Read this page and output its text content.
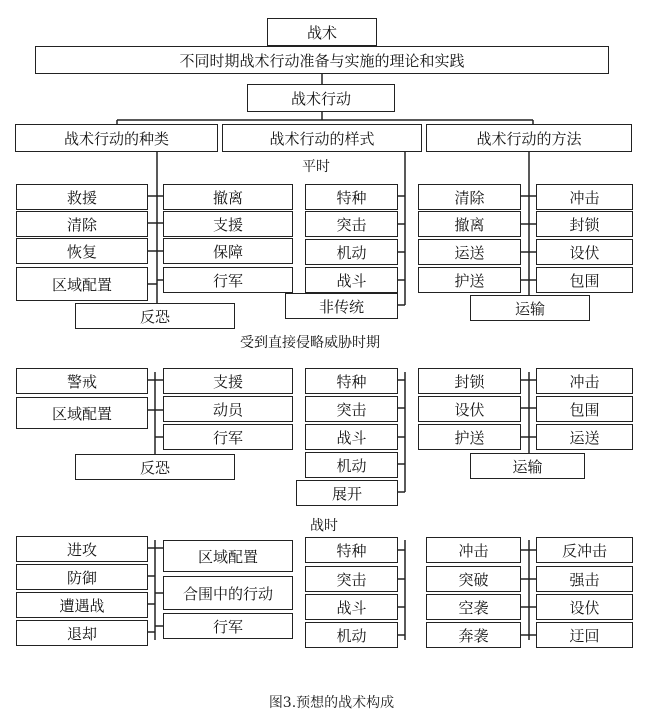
战术
不同时期战术行动准备与实施的理论和实践
战术行动
战术行动的种类	战术行动的样式	战术行动的方法
平时
救援
清除
恢复
区域配置
撤离
支援
保障
行军
反恐
特种
突击
机动
战斗
非传统
清除
撤离
运送
护送
冲击
封锁
设伏
包围
运输
受到直接侵略威胁时期
警戒
区域配置
支援
动员
行军
反恐
特种
突击
战斗
机动
展开
封锁
设伏
护送
冲击
包围
运送
运输
战时
进攻
防御
遭遇战
退却
区域配置
合围中的行动
行军
特种
突击
战斗
机动
冲击
突破
空袭
奔袭
反冲击
强击
设伏
迂回
图3.预想的战术构成
